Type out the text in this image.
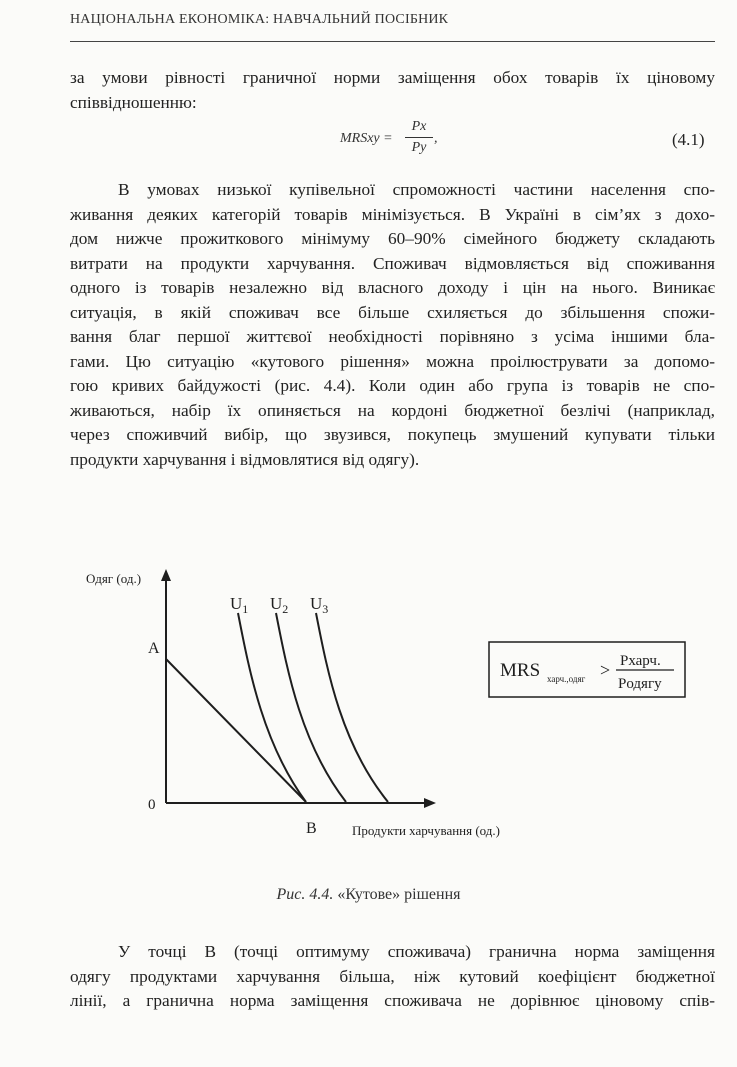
НАЦІОНАЛЬНА ЕКОНОМІКА: НАВЧАЛЬНИЙ ПОСІБНИК
за умови рівності граничної норми заміщення обох товарів їх ціновому
співвідношенню:
MRSxy =
Px
Py
,	(4.1)
В умовах низької купівельної спроможності частини населення спо-
живання деяких категорій товарів мінімізується. В Україні в сім’ях з дохо-
дом нижче прожиткового мінімуму 60–90% сімейного бюджету складають
витрати на продукти харчування. Споживач відмовляється від споживання
одного із товарів незалежно від власного доходу і цін на нього. Виникає
ситуація, в якій споживач все більше схиляється до збільшення спожи-
вання благ першої життєвої необхідності порівняно з усіма іншими бла-
гами. Цю ситуацію «кутового рішення» можна проілюструвати за допомо-
гою кривих байдужості (рис. 4.4). Коли один або група із товарів не спо-
живаються, набір їх опиняється на кордоні бюджетної безлічі (наприклад,
через споживчий вибір, що звузився, покупець змушений купувати тільки
продукти харчування і відмовлятися від одягу).
Одяг (од.)
Продукти харчування (од.)
0
A
B
$U_1$ $U_2$ $U_3$
MRS харч.,одяг > Pхарч.
Pодягу
Рис. 4.4. «Кутове» рішення
У точці В (точці оптимуму споживача) гранична норма заміщення
одягу продуктами харчування більша, ніж кутовий коефіцієнт бюджетної
лінії, а гранична норма заміщення споживача не дорівнює ціновому спів-
